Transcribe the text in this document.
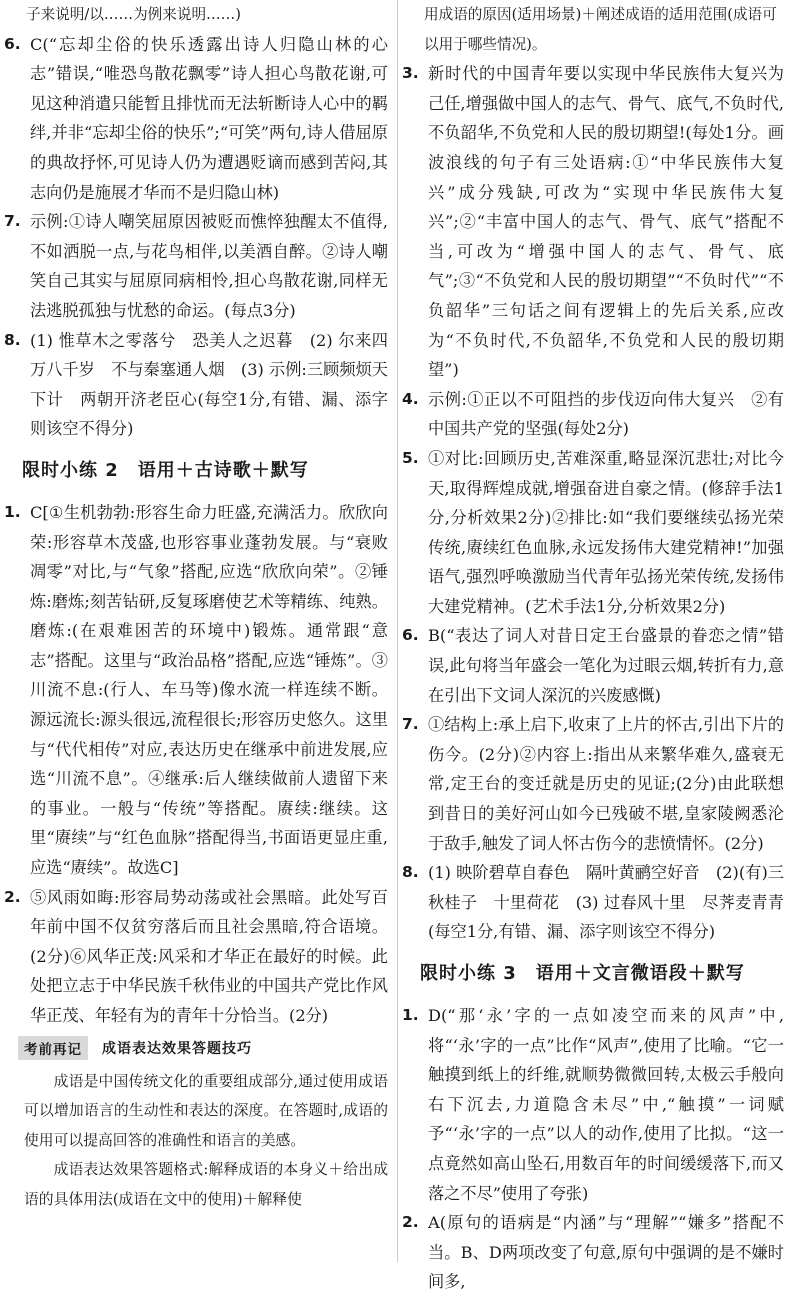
子来说明/以……为例来说明……)
6. C(“忘却尘俗的快乐透露出诗人归隐山林的心志”错误,“唯恐鸟散花飘零”诗人担心鸟散花谢,可见这种消遣只能暂且排忧而无法斩断诗人心中的羁绊,并非“忘却尘俗的快乐”;“可笑”两句,诗人借屈原的典故抒怀,可见诗人仍为遭遇贬谪而感到苦闷,其志向仍是施展才华而不是归隐山林)
7. 示例:①诗人嘲笑屈原因被贬而憔悴独醒太不值得,不如洒脱一点,与花鸟相伴,以美酒自醉。②诗人嘲笑自己其实与屈原同病相怜,担心鸟散花谢,同样无法逃脱孤独与忧愁的命运。(每点3分)
8. (1) 惟草木之零落兮　恐美人之迟暮　(2) 尔来四万八千岁　不与秦塞通人烟　(3) 示例:三顾频烦天下计　两朝开济老臣心(每空1分,有错、漏、添字则该空不得分)
限时小练 2　语用＋古诗歌＋默写
1. C[①生机勃勃:形容生命力旺盛,充满活力。欣欣向荣:形容草木茂盛,也形容事业蓬勃发展。与“衰败凋零”对比,与“气象”搭配,应选“欣欣向荣”。②锤炼:磨炼;刻苦钻研,反复琢磨使艺术等精练、纯熟。磨炼:(在艰难困苦的环境中)锻炼。通常跟“意志”搭配。这里与“政治品格”搭配,应选“锤炼”。③川流不息:(行人、车马等)像水流一样连续不断。源远流长:源头很远,流程很长;形容历史悠久。这里与“代代相传”对应,表达历史在继承中前进发展,应选“川流不息”。④继承:后人继续做前人遗留下来的事业。一般与“传统”等搭配。赓续:继续。这里“赓续”与“红色血脉”搭配得当,书面语更显庄重,应选“赓续”。故选C]
2. ⑤风雨如晦:形容局势动荡或社会黑暗。此处写百年前中国不仅贫穷落后而且社会黑暗,符合语境。(2分)⑥风华正茂:风采和才华正在最好的时候。此处把立志于中华民族千秋伟业的中国共产党比作风华正茂、年轻有为的青年十分恰当。(2分)
考前再记	成语表达效果答题技巧
成语是中国传统文化的重要组成部分,通过使用成语可以增加语言的生动性和表达的深度。在答题时,成语的使用可以提高回答的准确性和语言的美感。
成语表达效果答题格式:解释成语的本身义＋给出成语的具体用法(成语在文中的使用)＋解释使
用成语的原因(适用场景)＋阐述成语的适用范围(成语可以用于哪些情况)。
3. 新时代的中国青年要以实现中华民族伟大复兴为己任,增强做中国人的志气、骨气、底气,不负时代,不负韶华,不负党和人民的殷切期望!(每处1分。画波浪线的句子有三处语病:①“中华民族伟大复兴”成分残缺,可改为“实现中华民族伟大复兴”;②“丰富中国人的志气、骨气、底气”搭配不当,可改为“增强中国人的志气、骨气、底气”;③“不负党和人民的殷切期望”“不负时代”“不负韶华”三句话之间有逻辑上的先后关系,应改为“不负时代,不负韶华,不负党和人民的殷切期望”)
4. 示例:①正以不可阻挡的步伐迈向伟大复兴　②有中国共产党的坚强(每处2分)
5. ①对比:回顾历史,苦难深重,略显深沉悲壮;对比今天,取得辉煌成就,增强奋进自豪之情。(修辞手法1分,分析效果2分)②排比:如“我们要继续弘扬光荣传统,赓续红色血脉,永远发扬伟大建党精神!”加强语气,强烈呼唤激励当代青年弘扬光荣传统,发扬伟大建党精神。(艺术手法1分,分析效果2分)
6. B(“表达了词人对昔日定王台盛景的眷恋之情”错误,此句将当年盛会一笔化为过眼云烟,转折有力,意在引出下文词人深沉的兴废感慨)
7. ①结构上:承上启下,收束了上片的怀古,引出下片的伤今。(2分)②内容上:指出从来繁华难久,盛衰无常,定王台的变迁就是历史的见证;(2分)由此联想到昔日的美好河山如今已残破不堪,皇家陵阙悉沦于敌手,触发了词人怀古伤今的悲愤情怀。(2分)
8. (1) 映阶碧草自春色　隔叶黄鹂空好音　(2)(有)三秋桂子　十里荷花　(3) 过春风十里　尽荠麦青青(每空1分,有错、漏、添字则该空不得分)
限时小练 3　语用＋文言微语段＋默写
1. D(“那‘永’字的一点如凌空而来的风声”中,将“‘永’字的一点”比作“风声”,使用了比喻。“它一触摸到纸上的纤维,就顺势微微回转,太极云手般向右下沉去,力道隐含未尽”中,“触摸”一词赋予“‘永’字的一点”以人的动作,使用了比拟。“这一点竟然如高山坠石,用数百年的时间缓缓落下,而又落之不尽”使用了夸张)
2. A(原句的语病是“内涵”与“理解”“嫌多”搭配不当。B、D两项改变了句意,原句中强调的是不嫌时间多,
